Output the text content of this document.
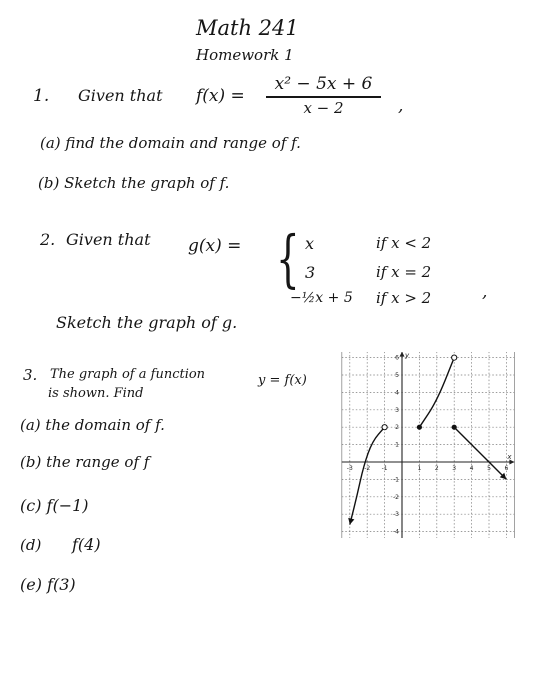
Math 241
Homework 1
1. Given that f(x) =
x² − 5x + 6
x − 2	,
(a) find the domain and range of f.
(b) Sketch the graph of f.
2. Given that g(x) = { x	if x < 2
3	if x = 2
−½x + 5 if x > 2	,
Sketch the graph of g.
3. The graph of a function	y = f(x)
is shown. Find
(a) the domain of f.
(b) the range of f
(c) f(−1)
(d) f(4)
(e) f(3)
x
y
-3 -2 -1	1 2 3 4 5 6
-4
-3
-2
-1
1
2
3
4
5
6
